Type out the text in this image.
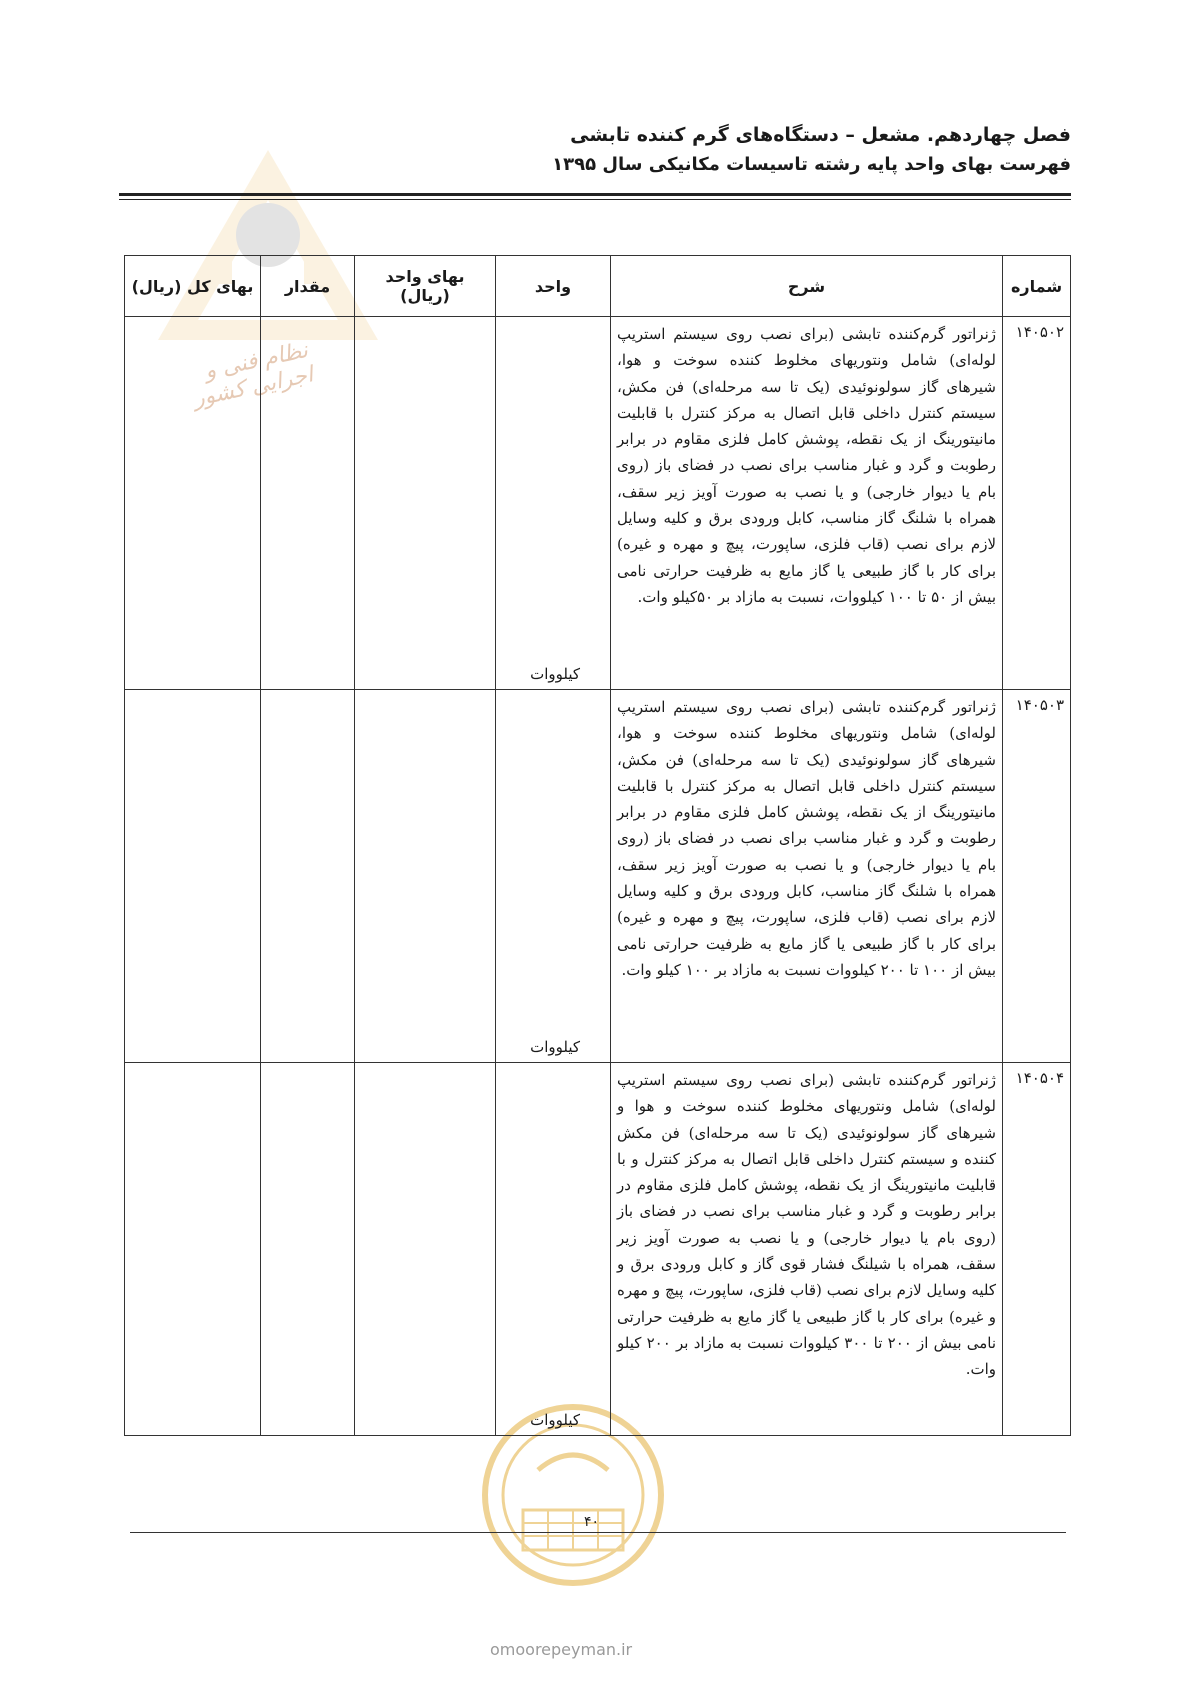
نظام فنی و اجرایی کشور
فصل چهاردهم. مشعل – دستگاه‌های گرم کننده تابشی
فهرست بهای واحد پایه رشته تاسیسات مکانیکی سال ۱۳۹۵
شماره	شرح	واحد	بهای واحد (ریال)	مقدار	بهای کل (ریال)
۱۴۰۵۰۲	ژنراتور گرم‌کننده تابشی (برای نصب روی سیستم استریپ لوله‌ای) شامل ونتوریهای مخلوط کننده سوخت و هوا، شیرهای گاز سولونوئیدی (یک تا سه مرحله‌ای) فن مکش، سیستم کنترل داخلی قابل اتصال به مرکز کنترل با قابلیت مانیتورینگ از یک نقطه، پوشش کامل فلزی مقاوم در برابر رطوبت و گرد و غبار مناسب برای نصب در فضای باز (روی بام یا دیوار خارجی) و یا نصب به صورت آویز زیر سقف، همراه با شلنگ گاز مناسب، کابل ورودی برق و کلیه وسایل لازم برای نصب (قاب فلزی، ساپورت، پیچ و مهره و غیره) برای کار با گاز طبیعی یا گاز مایع به ظرفیت حرارتی نامی بیش از ۵۰ تا ۱۰۰ کیلووات، نسبت به مازاد بر ۵۰کیلو وات.	کیلووات			
۱۴۰۵۰۳	ژنراتور گرم‌کننده تابشی (برای نصب روی سیستم استریپ لوله‌ای) شامل ونتوریهای مخلوط کننده سوخت و هوا، شیرهای گاز سولونوئیدی (یک تا سه مرحله‌ای) فن مکش، سیستم کنترل داخلی قابل اتصال به مرکز کنترل با قابلیت مانیتورینگ از یک نقطه، پوشش کامل فلزی مقاوم در برابر رطوبت و گرد و غبار مناسب برای نصب در فضای باز (روی بام یا دیوار خارجی) و یا نصب به صورت آویز زیر سقف، همراه با شلنگ گاز مناسب، کابل ورودی برق و کلیه وسایل لازم برای نصب (قاب فلزی، ساپورت، پیچ و مهره و غیره) برای کار با گاز طبیعی یا گاز مایع به ظرفیت حرارتی نامی بیش از ۱۰۰ تا ۲۰۰ کیلووات نسبت به مازاد بر ۱۰۰ کیلو وات.	کیلووات			
۱۴۰۵۰۴	ژنراتور گرم‌کننده تابشی (برای نصب روی سیستم استریپ لوله‌ای) شامل ونتوریهای مخلوط کننده سوخت و هوا و شیرهای گاز سولونوئیدی (یک تا سه مرحله‌ای) فن مکش کننده و سیستم کنترل داخلی قابل اتصال به مرکز کنترل و با قابلیت مانیتورینگ از یک نقطه، پوشش کامل فلزی مقاوم در برابر رطوبت و گرد و غبار مناسب برای نصب در فضای باز (روی بام یا دیوار خارجی) و یا نصب به صورت آویز زیر سقف، همراه با شیلنگ فشار قوی گاز و کابل ورودی برق و کلیه وسایل لازم برای نصب (قاب فلزی، ساپورت، پیچ و مهره و غیره) برای کار با گاز طبیعی یا گاز مایع به ظرفیت حرارتی نامی بیش از ۲۰۰ تا ۳۰۰ کیلووات نسبت به مازاد بر ۲۰۰ کیلو وات.	کیلووات			
۴۰
omoorepeyman.ir
